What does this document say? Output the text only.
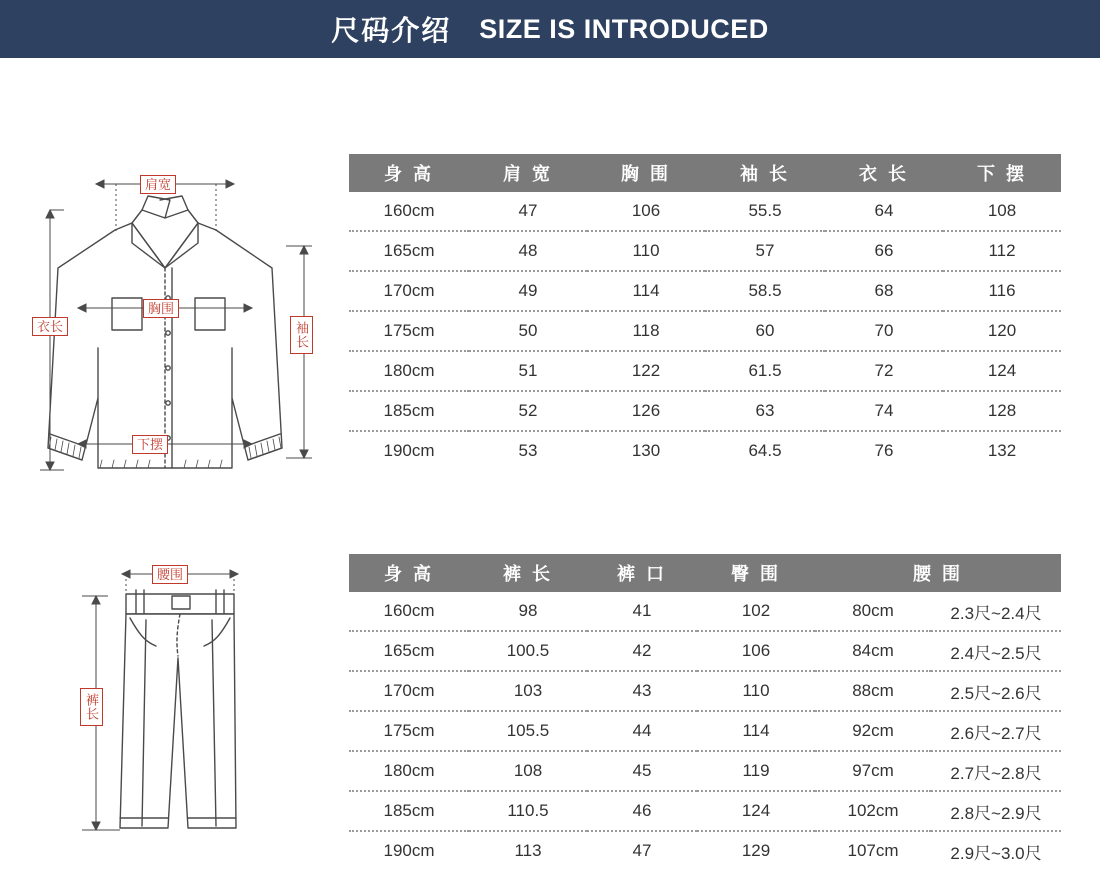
尺码介绍 SIZE IS INTRODUCED
肩宽
胸围
下摆
衣长	袖长
腰围
裤长
身 高	肩 宽	胸 围	袖 长	衣 长	下 摆
160cm	47	106	55.5	64	108
165cm	48	110	57	66	112
170cm	49	114	58.5	68	116
175cm	50	118	60	70	120
180cm	51	122	61.5	72	124
185cm	52	126	63	74	128
190cm	53	130	64.5	76	132
身 高	裤 长	裤 口	臀 围	腰 围	
160cm	98	41	102	80cm	2.3尺~2.4尺
165cm	100.5	42	106	84cm	2.4尺~2.5尺
170cm	103	43	110	88cm	2.5尺~2.6尺
175cm	105.5	44	114	92cm	2.6尺~2.7尺
180cm	108	45	119	97cm	2.7尺~2.8尺
185cm	110.5	46	124	102cm	2.8尺~2.9尺
190cm	113	47	129	107cm	2.9尺~3.0尺
